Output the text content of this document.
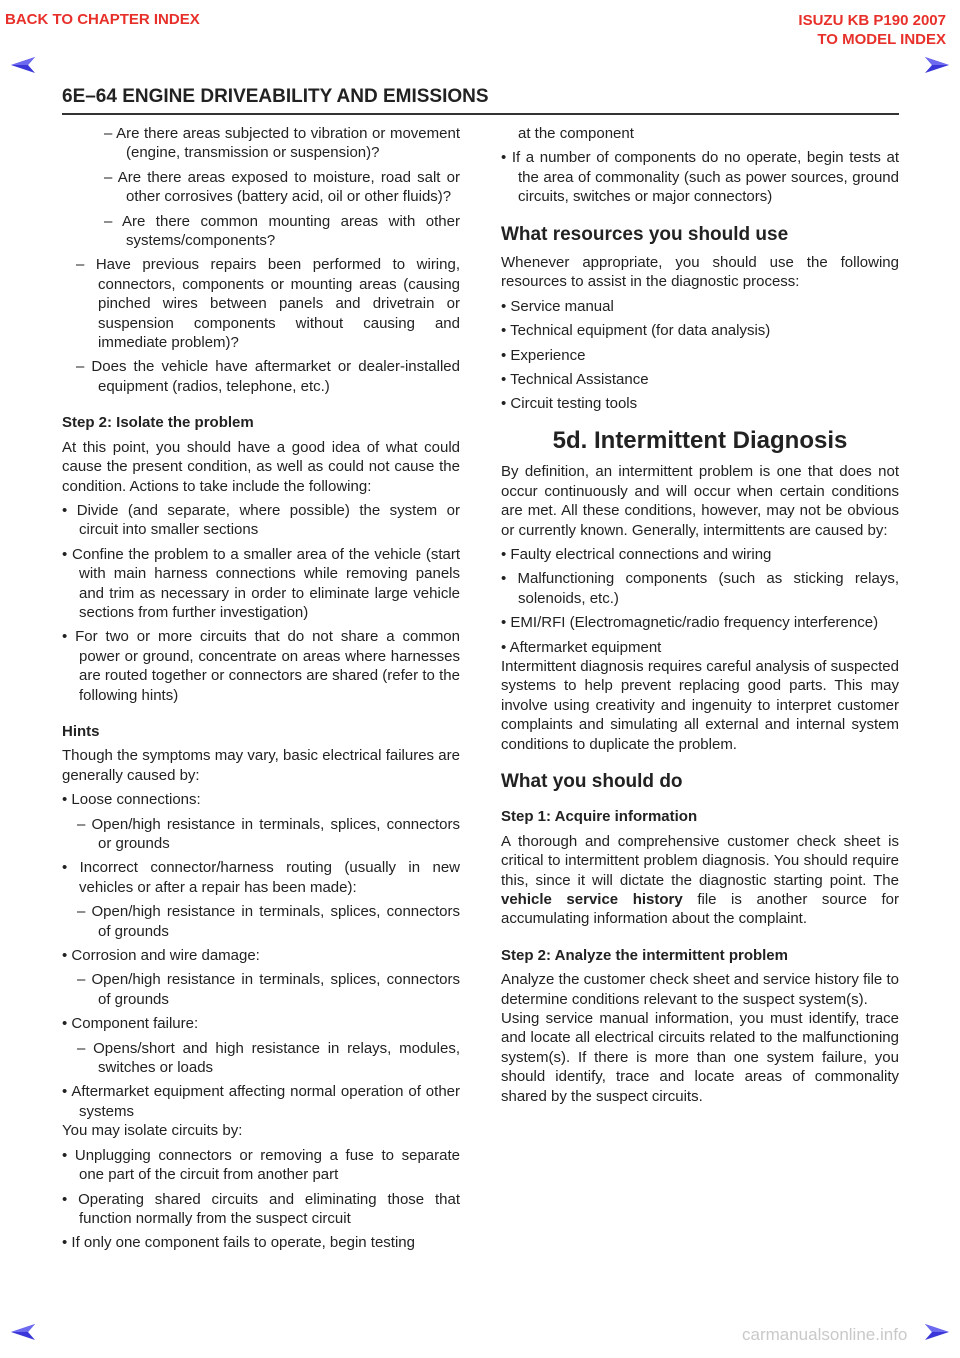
BACK TO CHAPTER INDEX	ISUZU KB P190 2007
TO MODEL INDEX
6E–64 ENGINE DRIVEABILITY AND EMISSIONS

– Are there areas subjected to vibration or movement (engine, transmission or suspension)?

– Are there areas exposed to moisture, road salt or other corrosives (battery acid, oil or other fluids)?

– Are there common mounting areas with other systems/components?

– Have previous repairs been performed to wiring, connectors, components or mounting areas (causing pinched wires between panels and drivetrain or suspension components without causing and immediate problem)?

– Does the vehicle have aftermarket or dealer-installed equipment (radios, telephone, etc.)

Step 2: Isolate the problem

At this point, you should have a good idea of what could cause the present condition, as well as could not cause the condition. Actions to take include the following:

• Divide (and separate, where possible) the system or circuit into smaller sections

• Confine the problem to a smaller area of the vehicle (start with main harness connections while removing panels and trim as necessary in order to eliminate large vehicle sections from further investigation)

• For two or more circuits that do not share a common power or ground, concentrate on areas where harnesses are routed together or connectors are shared (refer to the following hints)

Hints

Though the symptoms may vary, basic electrical failures are generally caused by:

• Loose connections:

– Open/high resistance in terminals, splices, connectors or grounds

• Incorrect connector/harness routing (usually in new vehicles or after a repair has been made):

– Open/high resistance in terminals, splices, connectors of grounds

• Corrosion and wire damage:

– Open/high resistance in terminals, splices, connectors of grounds

• Component failure:

– Opens/short and high resistance in relays, modules, switches or loads

• Aftermarket equipment affecting normal operation of other systems

You may isolate circuits by:

• Unplugging connectors or removing a fuse to separate one part of the circuit from another part

• Operating shared circuits and eliminating those that function normally from the suspect circuit

• If only one component fails to operate, begin testing

at the component

• If a number of components do no operate, begin tests at the area of commonality (such as power sources, ground circuits, switches or major connectors)

What resources you should use

Whenever appropriate, you should use the following resources to assist in the diagnostic process:

• Service manual

• Technical equipment (for data analysis)

• Experience

• Technical Assistance

• Circuit testing tools

5d. Intermittent Diagnosis

By definition, an intermittent problem is one that does not occur continuously and will occur when certain conditions are met. All these conditions, however, may not be obvious or currently known. Generally, intermittents are caused by:

• Faulty electrical connections and wiring

• Malfunctioning components (such as sticking relays, solenoids, etc.)

• EMI/RFI (Electromagnetic/radio frequency interference)

• Aftermarket equipment

Intermittent diagnosis requires careful analysis of suspected systems to help prevent replacing good parts. This may involve using creativity and ingenuity to interpret customer complaints and simulating all external and internal system conditions to duplicate the problem.

What you should do

Step 1: Acquire information

A thorough and comprehensive customer check sheet is critical to intermittent problem diagnosis. You should require this, since it will dictate the diagnostic starting point. The vehicle service history file is another source for accumulating information about the complaint.

Step 2: Analyze the intermittent problem

Analyze the customer check sheet and service history file to determine conditions relevant to the suspect system(s).

Using service manual information, you must identify, trace and locate all electrical circuits related to the malfunctioning system(s). If there is more than one system failure, you should identify, trace and locate areas of commonality shared by the suspect circuits.

carmanualsonline.info
